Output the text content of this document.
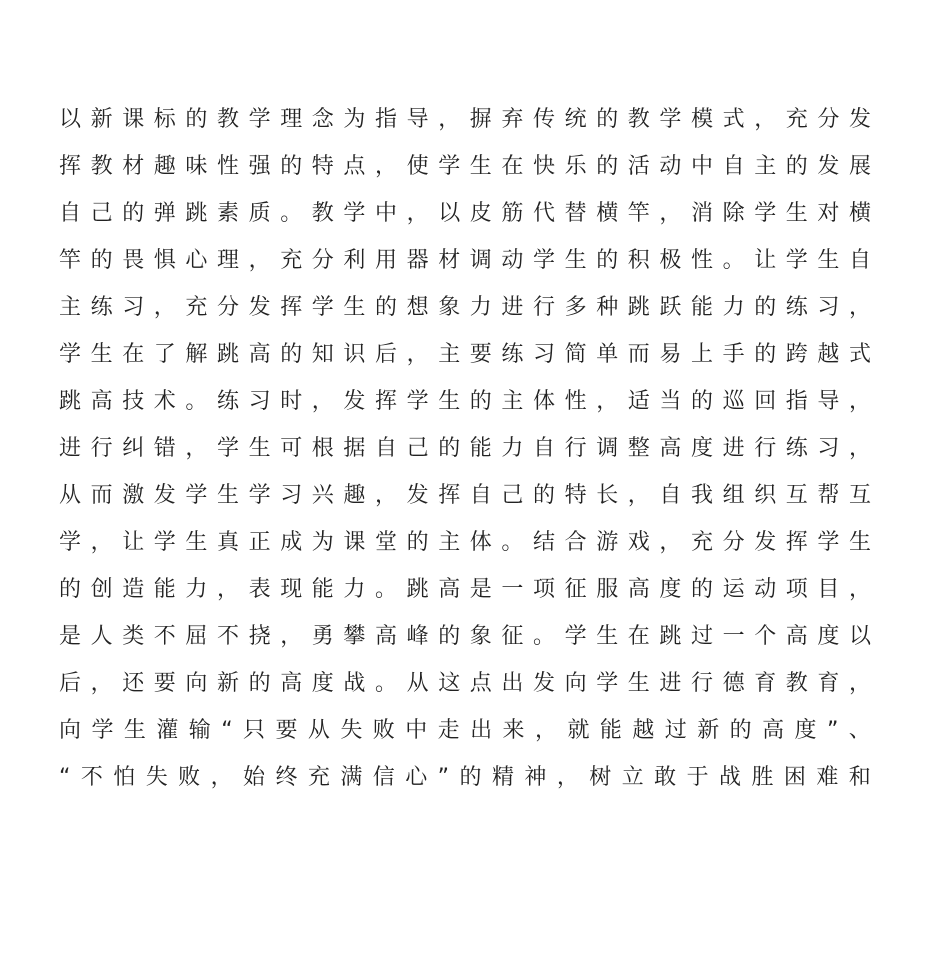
以新课标的教学理念为指导，摒弃传统的教学模式，充分发
挥教材趣味性强的特点，使学生在快乐的活动中自主的发展
自己的弹跳素质。教学中，以皮筋代替横竿，消除学生对横
竿的畏惧心理，充分利用器材调动学生的积极性。让学生自
主练习，充分发挥学生的想象力进行多种跳跃能力的练习，
学生在了解跳高的知识后，主要练习简单而易上手的跨越式
跳高技术。练习时，发挥学生的主体性，适当的巡回指导，
进行纠错，学生可根据自己的能力自行调整高度进行练习，
从而激发学生学习兴趣，发挥自己的特长，自我组织互帮互
学，让学生真正成为课堂的主体。结合游戏，充分发挥学生
的创造能力，表现能力。跳高是一项征服高度的运动项目，
是人类不屈不挠，勇攀高峰的象征。学生在跳过一个高度以
后，还要向新的高度战。从这点出发向学生进行德育教育，
向学生灌输“只要从失败中走出来，就能越过新的高度”、
“不怕失败，始终充满信心”的精神，树立敢于战胜困难和
